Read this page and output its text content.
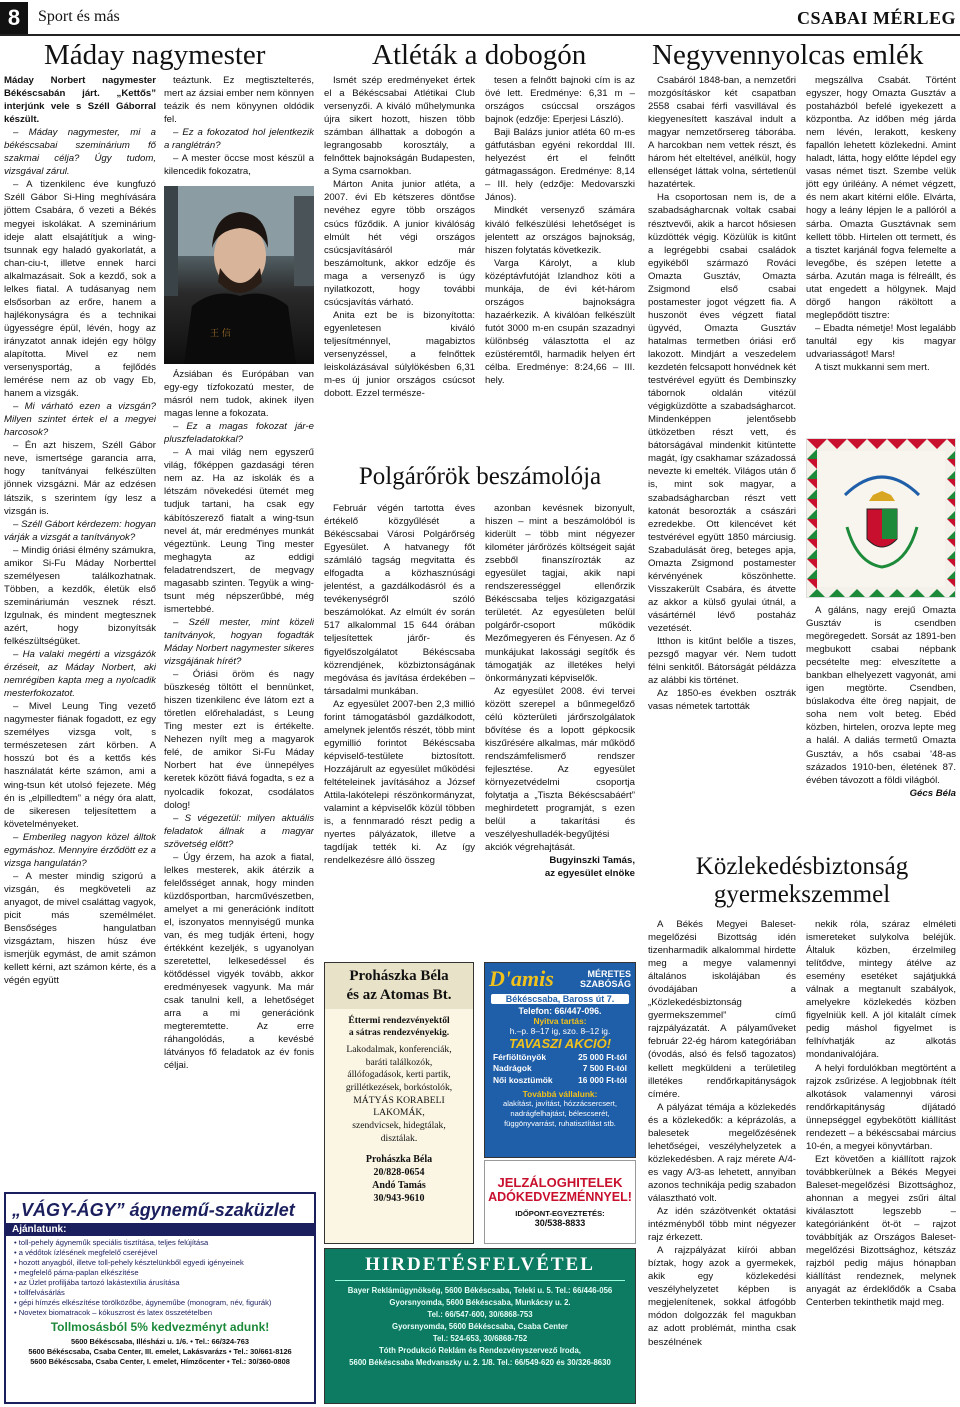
8	Sport és más	CSABAI MÉRLEG
Máday nagymester	Atléták a dobogón Negyvennyolcas emlék

Máday Norbert nagymester Békéscsabán járt. „Kettős” interjúnk vele s Széll Gáborral készült.

– Máday nagymester, mi a békéscsabai szeminárium fő szakmai célja? Úgy tudom, vizsgával zárul.

– A tizenkilenc éve kungfuzó Széll Gábor Si-Hing meghívására jöttem Csabára, ő vezeti a Békés megyei iskolákat. A szeminárium ideje alatt elsajátítjuk a wing-tsunnak egy haladó gyakorlatát, a chan-ciu-t, illetve ennek harci alkalmazásait. Sok a kezdő, sok a lelkes fiatal. A tudásanyag nem elsősorban az erőre, hanem a hajlékonyságra és a technikai ügyességre épül, lévén, hogy az irányzatot annak idején egy hölgy alapította. Mivel ez nem versenysportág, a fejlődés lemérése nem az ob vagy Eb, hanem a vizsgák.

– Mi várható ezen a vizsgán? Milyen szintet értek el a megyei harcosok?

– Én azt hiszem, Széll Gábor neve, ismertsége garancia arra, hogy tanítványai felkészülten jönnek vizsgázni. Már az edzésen látszik, s szerintem így lesz a vizsgán is.

– Széll Gábort kérdezem: hogyan várják a vizsgát a tanítványok?

– Mindig óriási élmény számukra, amikor Si-Fu Máday Norberttel személyesen találkozhatnak. Többen, a kezdők, életük első szemináriumán vesznek részt. Izgulnak, és mindent megtesznek azért, hogy bizonyítsák felkészültségüket.

– Ha valaki megérti a vizsgázók érzéseit, az Máday Norbert, aki nemrégiben kapta meg a nyolcadik mesterfokozatot.

– Mivel Leung Ting vezető nagymester fiának fogadott, ez egy személyes vizsga volt, s természetesen zárt körben. A hosszú bot és a kettős kés használatát kérte számon, ami a wing-tsun két utolsó fejezete. Még én is „elpilledtem” a négy óra alatt, de sikeresen teljesítettem a követelményeket.

– Emberileg nagyon közel álltok egymáshoz. Mennyire érződött ez a vizsga hangulatán?

– A mester mindig szigorú a vizsgán, és megköveteli az anyagot, de mivel csaláttag vagyok, picit más személmélet. Bensőséges hangulatban vizsgáztam, hiszen húsz éve ismerjük egymást, de amit számon kellett kérni, azt számon kérte, és a végén együtt

teáztunk. Ez megtisztelteтés, mert az ázsiai ember nem könnyen teázik és nem könyynen oldódik fel.

– Ez a fokozatod hol jelentkezik a ranglétrán?

– A mester öccse most készül a kilencedik fokozatra,

王 信

Ázsiában és Európában van egy-egy tízfokozatú mester, de másról nem tudok, akinek ilyen magas lenne a fokozata.

– Ez a magas fokozat jár-e pluszfeladatokkal?

– A mai világ nem egyszerű világ, főképpen gazdasági téren nem az. Ha az iskolák és a létszám növekedési ütemét meg tudjuk tartani, ha csak egy kábítószerező fiatalt a wing-tsun nevel át, már eredményes munkát végeztünk. Leung Ting mester meghagyta az eddigi feladatrendszert, de megvagy magasabb szinten. Tegyük a wing-tsunt még népszerűbbé, még ismertebbé.

– Széll mester, mint közeli tanítványok, hogyan fogadták Máday Norbert nagymester sikeres vizsgájának hírét?

– Óriási öröm és nagy büszkeség töltött el bennünket, hiszen tizenkilenc éve látom ezt a töretlen előrehaladást, s Leung Ting mester ezt is értékelte. Nehezen nyílt meg a magyarok felé, de amikor Si-Fu Máday Norbert hat éve ünnepélyes keretek között fiává fogadta, s ez a nyolcadik fokozat, csodálatos dolog!

– S végezetül: milyen aktuális feladatok állnak a magyar szövetség előtt?

– Úgy érzem, ha azok a fiatal, lelkes mesterek, akik átérzik a felelősséget annak, hogy minden küzdősportban, harcművészetben, amelyet a mi generációnk indított el, iszonyatos mennyiségű munka van, és meg tudják érteni, hogy értékként kezeljék, s ugyanolyan szeretettel, lelkesedéssel és kötődéssel vigyék tovább, akkor eredményesek vagyunk. Ma már csak tanulni kell, a lehetőséget arra a mi generációnk megteremtette. Az erre ráhangolódás, a kevésbé látványos fő feladatok az év fonis céljai.

Ismét szép eredményeket értek el a Békéscsabai Atlétikai Club versenyzői. A kiváló műhelymunka újra sikert hozott, hiszen több számban állhattak a dobogón a legrangosabb korosztály, a felnőttek bajnokságán Budapesten, a Syma csarnokban.

Márton Anita junior atléta, a 2007. évi Eb kétszeres döntőse nevéhez egyre több országos csúcs fűződik. A junior kiválóság elmúlt hét végi országos csúcsjavításáról már beszámoltunk, akkor edzője és maga a versenyző is úgy nyilatkozott, hogy további csúcsjavítás várható.

Anita ezt be is bizonyította: egyenletesen kiváló teljesítménnyel, magabiztos versenyzéssel, a felnőttek leiskolázásával súlylökésben 6,31 m-es új junior országos csúcsot dobott. Ezzel természe-

tesen a felnőtt bajnoki cím is az övé lett. Eredménye: 6,31 m – országos csúccsal országos bajnok (edzője: Eperjesi László).

Baji Balázs junior atléta 60 m-es gátfutásban egyéni rekorddal III. helyezést ért el felnőtt gátmagasságon. Eredménye: 8,14 – III. hely (edzője: Medovarszki János).

Mindkét versenyző számára kiváló felkészülési lehetőséget is jelentett az országos bajnokság, hiszen folytatás következik.

Varga Károlyt, a klub középtávfutóját Izlandhoz köti a munkája, de évi két-három országos bajnokságra hazaérkezik. A kiválóan felkészült futót 3000 m-en csupán szazadnyi különbség választotta el az ezüstéremtől, harmadik helyen ért célba. Eredménye: 8:24,66 – III. hely.

Polgárőrök beszámolója

Február végén tartotta éves értékelő közgyűlését a Békéscsabai Városi Polgárőrség Egyesület. A hatvanegy főt számláló tagság megvitatta és elfogadta a közhasznúsági jelentést, a gazdálkodásról és a tevékenységről szóló beszámolókat. Az elmúlt év során 517 alkalommal 15 644 órában teljesítettek járőr- és figyelőszolgálatot Békéscsaba közrendjének, közbiztonságának megóvása és javítása érdekében – társadalmi munkában.

Az egyesület 2007-ben 2,3 millió forint támogatásból gazdálkodott, amelynek jelentős részét, több mint egymillió forintot Békéscsaba képviselő-testülete biztosított. Hozzájárult az egyesület működési feltételeinek javításához a József Attila-lakótelepi részönkormányzat, valamint a képviselők közül többen is, a fennmaradó részt pedig a nyertes pályázatok, illetve a tagdíjak tették ki. Az így rendelkezésre álló összeg

azonban kevésnek bizonyult, hiszen – mint a beszámolóból is kiderült – több mint négyezer kilométer járőrözés költségeit saját zsebből finanszírozták az egyesület tagjai, akik napi rendszerességgel ellenőrzik Békéscsaba teljes közigazgatási területét. Az egyesületen belül polgárőr-csoport működik Mezőmegyeren és Fényesen. Az ő munkájukat lakossági segítők és támogatják az illetékes helyi önkormányzati képviselők.

Az egyesület 2008. évi tervei között szerepel a bűnmegelőző célú közterületi járőrszolgálatok bővítése és a lopott gépkocsik kiszűrésére alkalmas, már működő rendszámfelismerő rendszer fejlesztése. Az egyesület környezetvédelmi csoportja folytatja a „Tiszta Békéscsabáért” meghirdetett programját, s ezen belül a takarítási és veszélyeshulladék-begyűjtési akciók végrehajtását.

Bugyinszki Tamás,

az egyesület elnöke

Csabáról 1848-ban, a nemzetőri mozgósításkor két csapatban 2558 csabai férfi vasvillával és kiegyenesített kaszával indult a magyar nemzetőrsereg táborába. A harcokban nem vettek részt, és három hét elteltével, anélkül, hogy ellenséget láttak volna, sértetlenül hazatértek.

Ha csoportosan nem is, de a szabadságharcnak voltak csabai résztvevői, akik a harcot hősiesen küzdötték végig. Közülük is kitűnt a legrégebbi csabai családok egyikéből származó Rováci Omazta Gusztáv, Omazta Zsigmond első csabai postamester jogot végzett fia. A huszonöt éves végzett fiatal ügyvéd, Omazta Gusztáv hatalmas termetben óriási erő lakozott. Mindjárt a veszedelem kezdetén felcsapott honvédnek két testvérével együtt és Dembinszky tábornok oldalán vitézül végigküzdötte a szabadságharcot. Mindenképpen jelentősebb ütközetben részt vett, és bátorságával mindenkit kitüntette magát, így csakhamar századossá nevezte ki emelték. Világos után ő is, mint sok magyar, a szabadságharcban részt vett katonát besorozták a császári ezredekbe. Ott kilencévet két testvérével együtt 1850 márciusig. Szabadulását öreg, beteges apja, Omazta Zsigmond postamester kérvényének köszönhette. Visszakerült Csabára, és átvette az akkor a külső gyulai útnál, a vásártérnél lévő postaház vezetését.

Itthon is kitűnt belőle a tiszes, pezsgő magyar vér. Nem tudott félni senkitől. Bátorságát példázza az alábbi kis történet.

Az 1850-es években osztrák vasas németek tartották

megszállva Csabát. Történt egyszer, hogy Omazta Gusztáv a postaházból befelé igyekezett a központba. Az időben még járda nem lévén, lerakott, keskeny fapallón lehetett közlekedni. Amint haladt, látta, hogy előtte lépdel egy vasas német tiszt. Szembe velük jött egy úriléány. A német végzett, és nem akart kitérni előle. Elvárta, hogy a leány lépjen le a pallóról a sárba. Omazta Gusztávnak sem kellett több. Hirtelen ott termett, és a tisztet karjánál fogva felemelte a levegőbe, és szépen letette a sárba. Azután maga is félreállt, és utat engedett a hölgynek. Majd dörgő hangon ráköltott a meglepődött tisztre:

– Ebadta németje! Most legalább tanultál egy kis magyar udvariasságot! Mars!

A tiszt mukkanni sem mert.

A gáláns, nagy erejű Omazta Gusztáv is csendben megöregedett. Sorsát az 1891-ben megbukott csabai népbank pecsételte meg: elveszítette a bankban elhelyezett vagyonát, ami igen megtörte. Csendben, búslakodva élte öreg napjait, de soha nem volt beteg. Ebéd közben, hirtelen, orozva lepte meg a halál. A daliás termetű Omazta Gusztáv, a hős csabai '48-as százados 1910-ben, életének 87. évében távozott a földi világból.

Gécs Béla

Közlekedésbiztonság
gyermekszemmel

A Békés Megyei Baleset-megelőzési Bizottság idén tizenharmadik alkalommal hirdette meg a megye valamennyi általános iskolájában és óvodájában a „Közlekedésbiztonság gyermekszemmel” című rajzpályázatát. A pályaműveket február 22-ég három kategóriában (óvodás, alsó és felső tagozatos) kellett megküldeni a területileg illetékes rendőrkapitányságok címére.

A pályázat témája a közlekedés és a közlekedők: a képrázolás, a balesetek megelőzésének lehetőségei, veszélyhelyzetek a közlekedésben. A rajz mérete A/4-es vagy A/3-as lehetett, annyiban azonos technikája pedig szabadon választható volt.

Az idén százötvenkét oktatási intézményből több mint négyezer rajz érkezett.

A rajzpályázat kiírói abban bíztak, hogy azok a gyermekek, akik egy közlekedési veszélyhelyzetet képben is megjelenítenek, sokkal átfogóbb módon dolgozzák fel magukban az adott problémát, mintha csak beszélnének

nekik róla, száraz elméleti ismereteket sulykolva beléjük. Általuk közben, érzelmileg telítődve, mintegy átélve az esemény esetéket sajátjukká válnak a megtanult szabályok, amelyekre közlekedés közben figyelniük kell. A jól kitalált címek pedig máshol figyelmet is felhívhatják az alkotás mondanivalójára.

A helyi fordulókban megtörtént a rajzok zsűrizése. A legjobbnak ítélt alkotások valamennyi városi rendőrkapitányság díjátadó ünnepséggel egybekötött kiállítást rendezett – a békéscsabai március 10-én, a megyei könyvtárban.

Ezt követően a kiállított rajzok továbbkerülnek a Békés Megyei Baleset-megelőzési Bizottsághoz, ahonnan a megyei zsűri által kiválasztott legszebb – kategóriánként öt-öt – rajzot továbbítják az Országos Baleset-megelőzési Bizottsághoz, kétszáz rajzból pedig május hónapban kiállítást rendeznek, melynek anyagát az érdeklődők a Csaba Centerben tekinthetik majd meg.

„VÁGY-ÁGY” ágynemű-szaküzlet
Ajánlatunk:
• toll-pehely ágyneműk speciális tisztítása, teljes felújítása
• a védőtok ízlésének megfelelő cseréjével
• hozott anyagból, illetve toll-pehely késztelünkből egyedi igényeinek
• megfelelő párna-paplan elkészítése
• az Üzlet profiljába tartozó lakástextília árusítása
• tollfelvásárlás
• gépi hímzés elkészítése törölközőbe, ágyneműbe (monogram, név, figurák)
• Novetex biomatracok – kókuszrost és latex összetételben
Tollmosásból 5% kedvezményt adunk!
5600 Békéscsaba, Illésházi u. 1/6. • Tel.: 66/324-763
5600 Békéscsaba, Csaba Center, III. emelet, Lakásvarázs • Tel.: 30/661-8126
5600 Békéscsaba, Csaba Center, I. emelet, Hímzőcenter • Tel.: 30/360-0808
Prohászka Béla
és az Atomas Bt.
Éttermi rendezvényektől
a sátras rendezvényekig.
Lakodalmak, konferenciák,
baráti találkozók,
állófogadások, kerti partik,
grillétkezések, borkóstolók,
MÁTYÁS KORABELI
LAKOMÁK,
szendvicsek, hidegtálak,
disztálak.
Prohászka Béla
20/828-0654
Andó Tamás
30/943-9610
D'amis	MÉRETES
SZABÓSÁG
Békéscsaba, Baross út 7.
Telefon: 66/447-096.
Nyitva tartás:
h.–p. 8–17 ig, szo. 8–12 ig.
TAVASZI AKCIÓ!
Férfiöltönyök	25 000 Ft-tól
Nadrágok	7 500 Ft-tól
Női kosztümök	16 000 Ft-tól
Továbbá vállalunk:
alakítást, javítást, hózzácsercsert, nadrágfelhajtást, bélescserét, függönyvarrást, ruhatisztítást stb.
JELZÁLOGHITELEK
ADÓKEDVEZMÉNNYEL!
IDŐPONT-EGYEZTETÉS:
30/538-8833
HIRDETÉSFELVÉTEL
Bayer Reklámügynökség, 5600 Békéscsaba, Teleki u. 5. Tel.: 66/446-056
Gyorsnyomda, 5600 Békéscsaba, Munkácsy u. 2.
Tel.: 66/547-600, 30/6868-753
Gyorsnyomda, 5600 Békéscsaba, Csaba Center
Tel.: 524-653, 30/6868-752
Tóth Produkció Reklám és Rendezvényszervező Iroda,
5600 Békéscsaba Medvanszky u. 2. 1/8. Tel.: 66/549-620 és 30/326-8630
